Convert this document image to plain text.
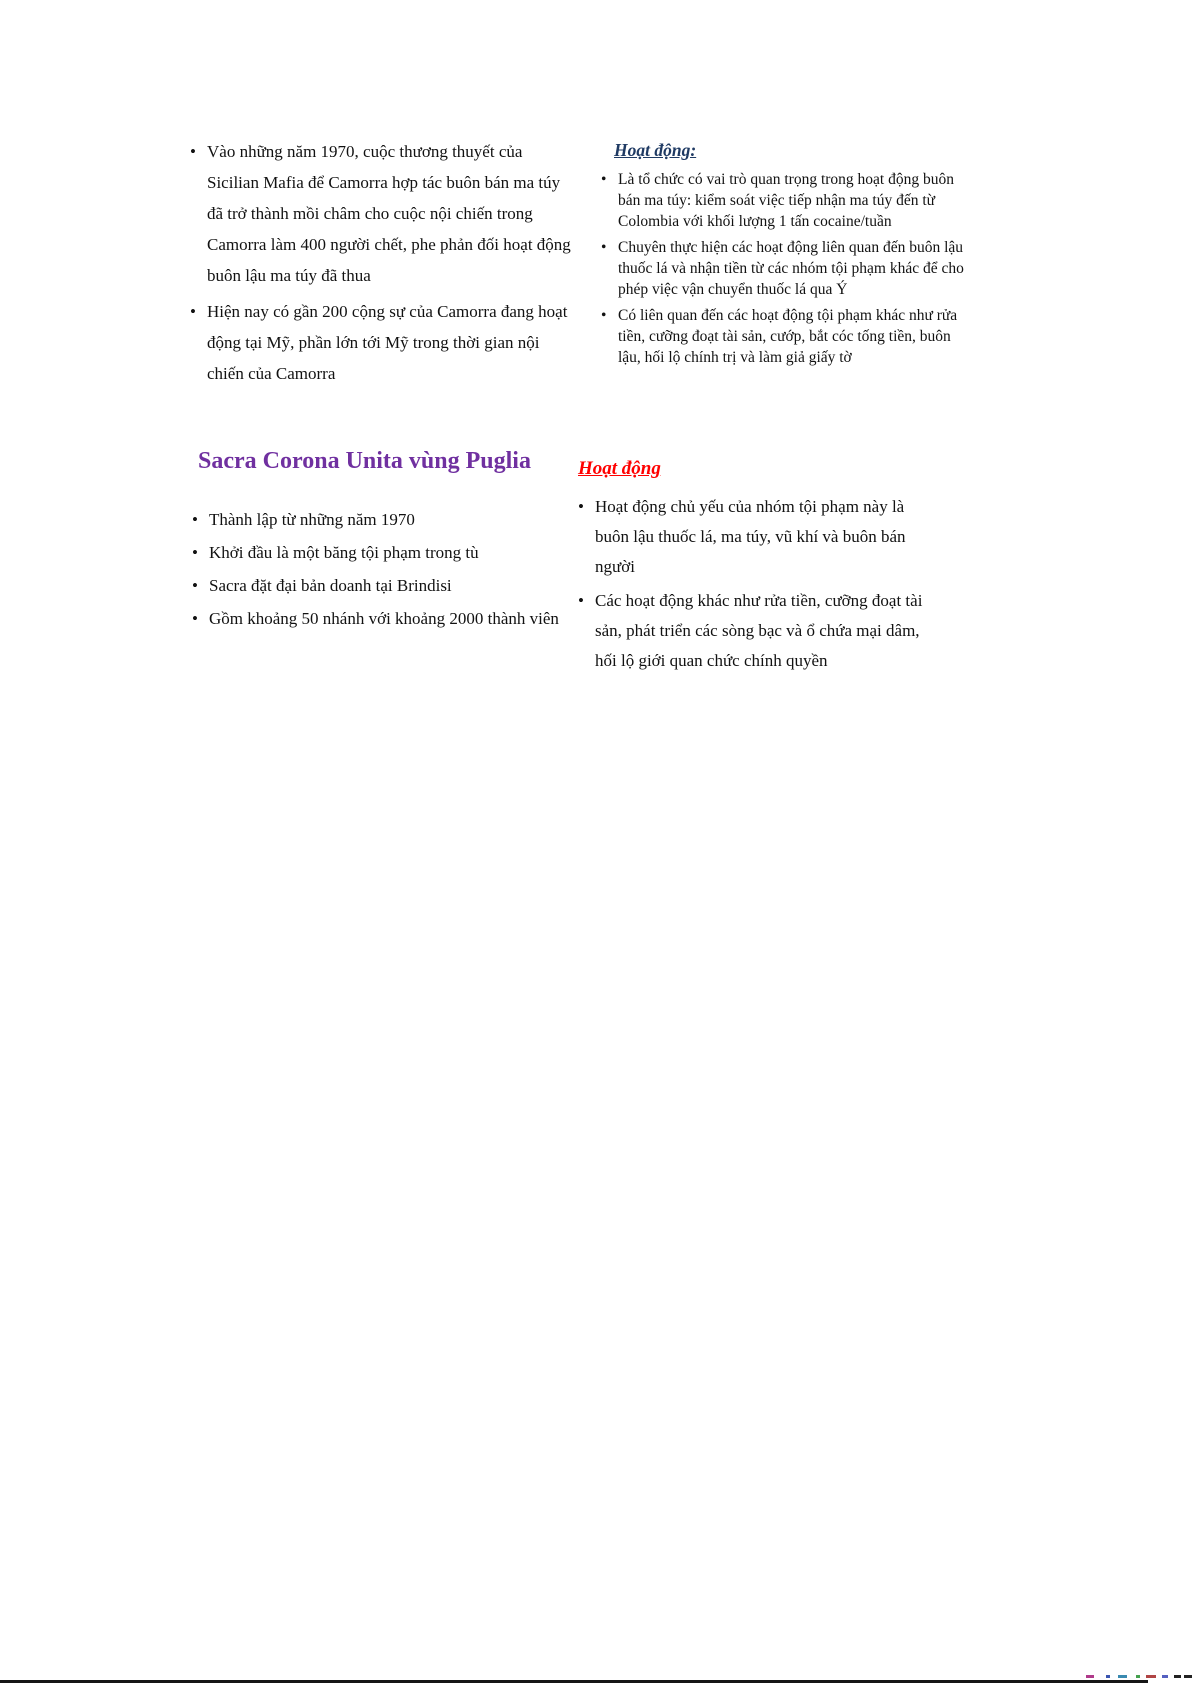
• Vào những năm 1970, cuộc thương thuyết của Sicilian Mafia để Camorra hợp tác buôn bán ma túy đã trở thành mồi châm cho cuộc nội chiến trong Camorra làm 400 người chết, phe phản đối hoạt động buôn lậu ma túy đã thua
• Hiện nay có gần 200 cộng sự của Camorra đang hoạt động tại Mỹ, phần lớn tới Mỹ trong thời gian nội chiến của Camorra
Hoạt động:
• Là tổ chức có vai trò quan trọng trong hoạt động buôn bán ma túy: kiểm soát việc tiếp nhận ma túy đến từ Colombia với khối lượng 1 tấn cocaine/tuần
• Chuyên thực hiện các hoạt động liên quan đến buôn lậu thuốc lá và nhận tiền từ các nhóm tội phạm khác để cho phép việc vận chuyển thuốc lá qua Ý
• Có liên quan đến các hoạt động tội phạm khác như rửa tiền, cưỡng đoạt tài sản, cướp, bắt cóc tống tiền, buôn lậu, hối lộ chính trị và làm giả giấy tờ
Sacra Corona Unita vùng Puglia
• Thành lập từ những năm 1970
• Khởi đầu là một băng tội phạm trong tù
• Sacra đặt đại bản doanh tại Brindisi
• Gồm khoảng 50 nhánh với khoảng 2000 thành viên
Hoạt động
• Hoạt động chủ yếu của nhóm tội phạm này là buôn lậu thuốc lá, ma túy, vũ khí và buôn bán người
• Các hoạt động khác như rửa tiền, cưỡng đoạt tài sản, phát triển các sòng bạc và ổ chứa mại dâm, hối lộ giới quan chức chính quyền
